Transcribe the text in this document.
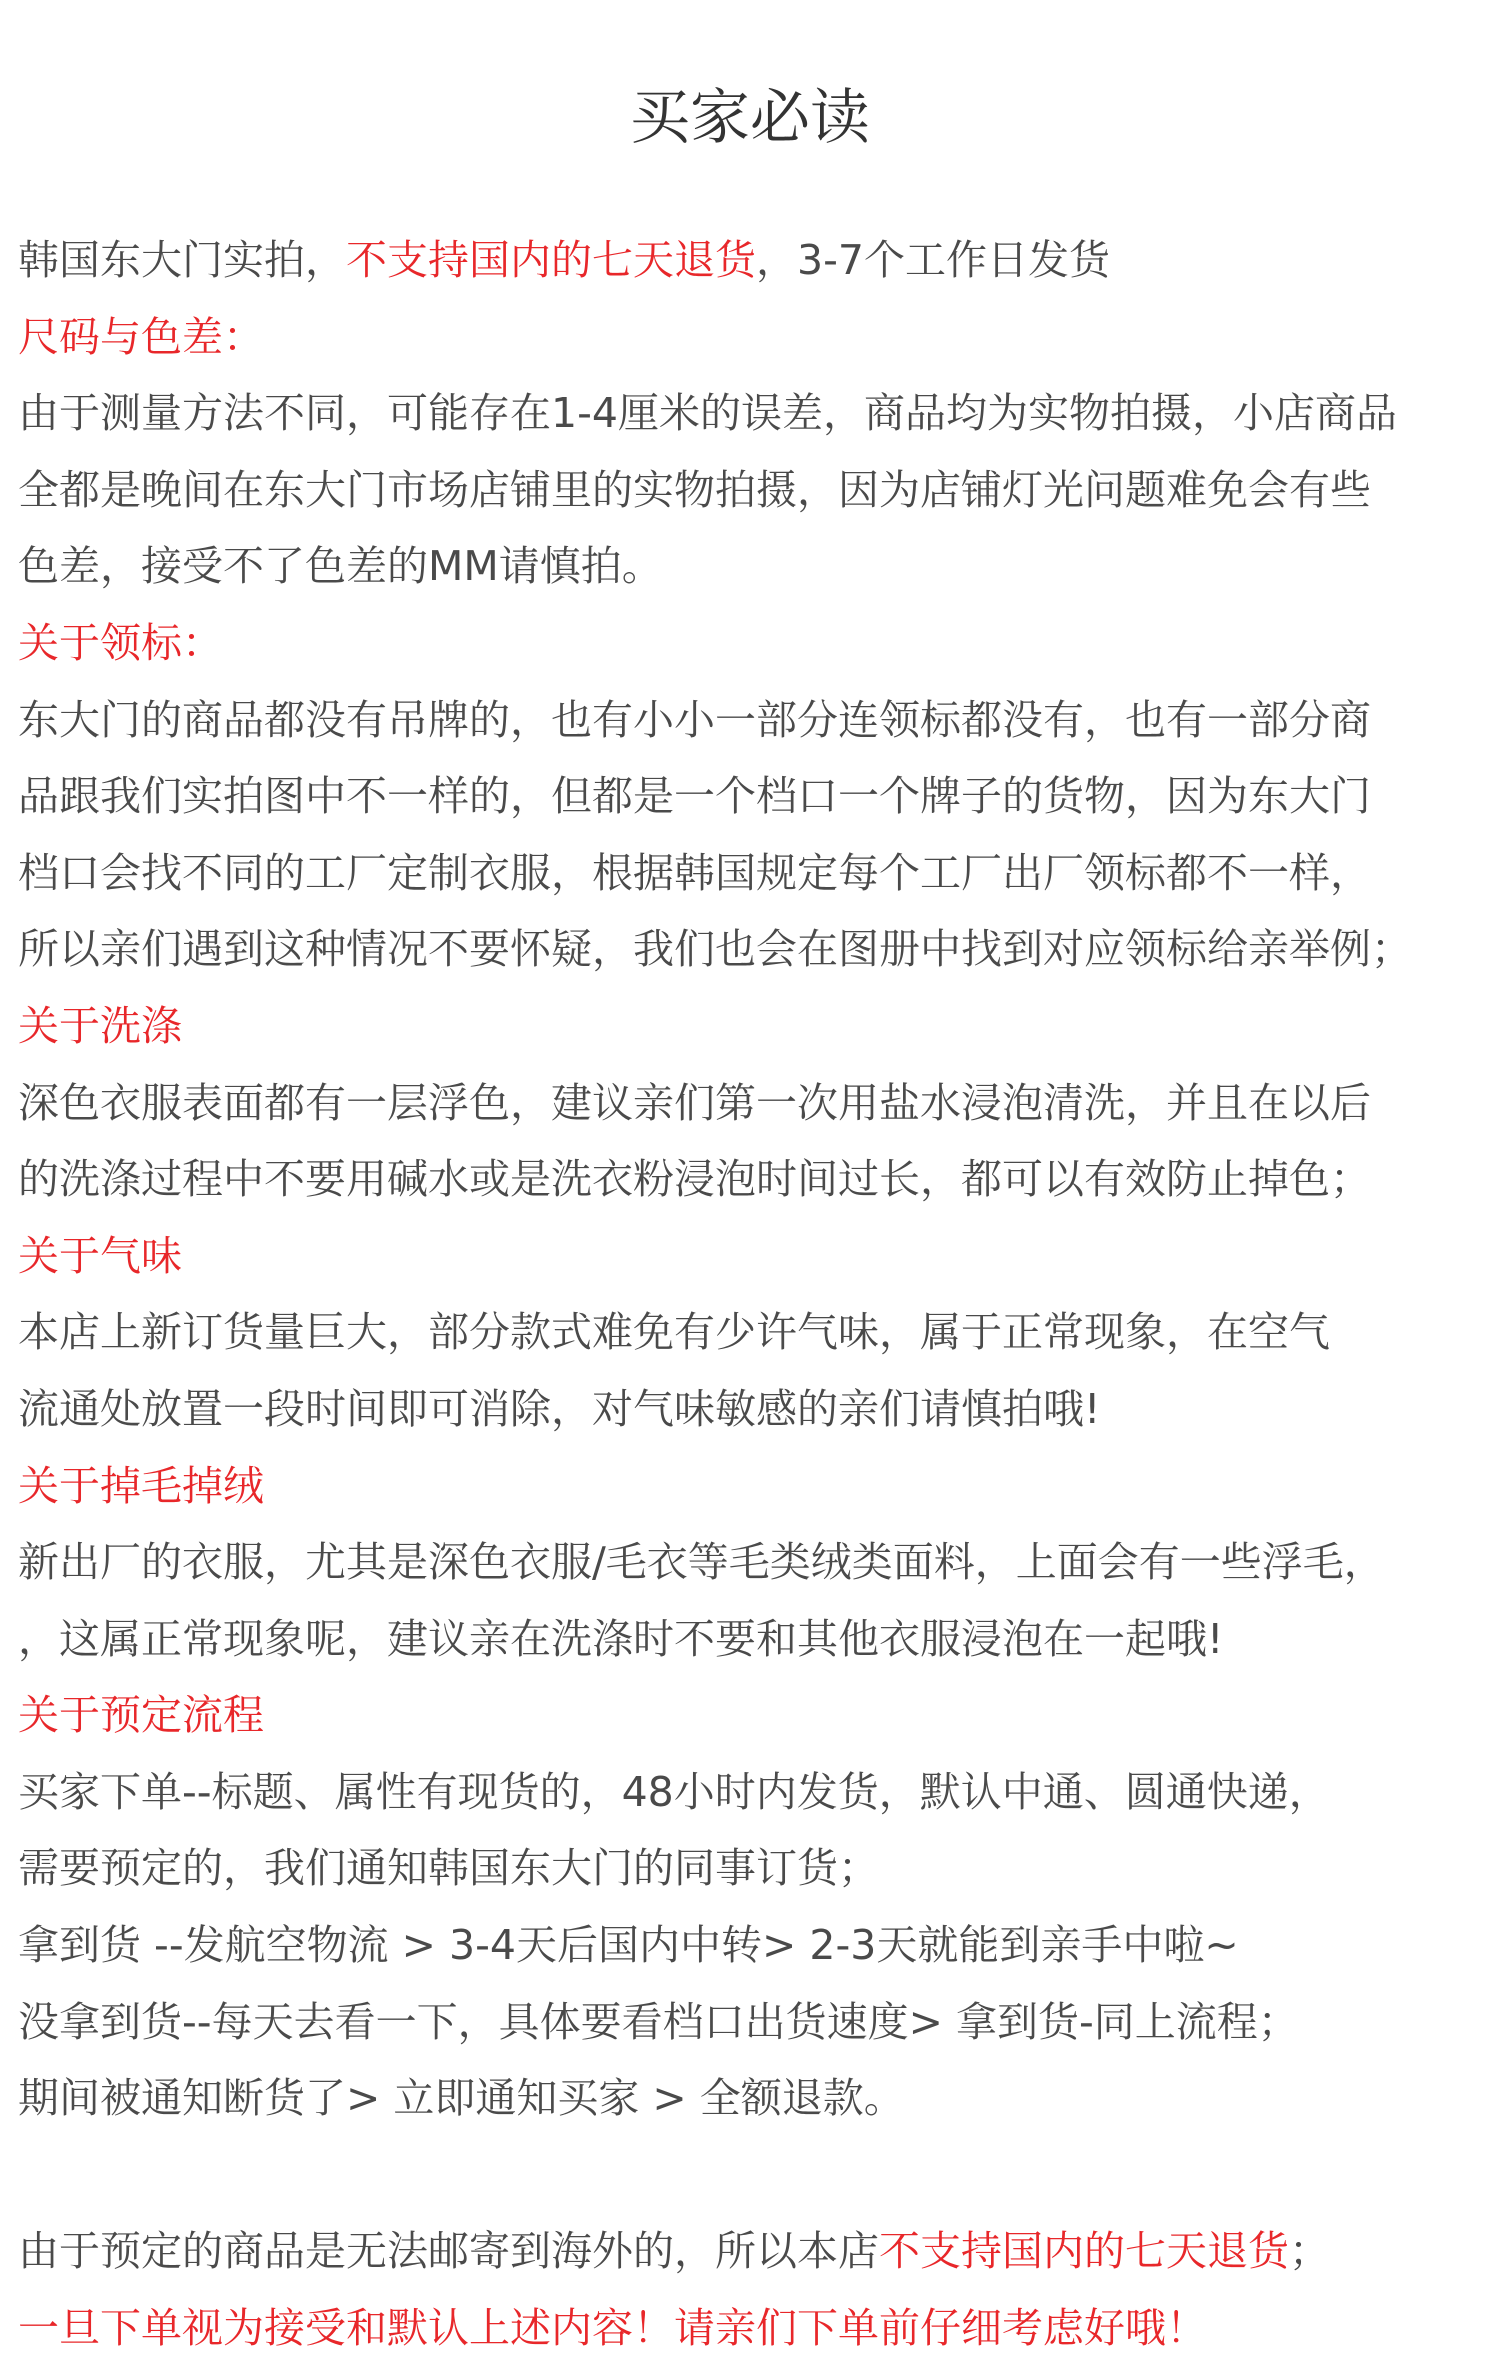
买家必读
韩国东大门实拍，不支持国内的七天退货，3-7个工作日发货
尺码与色差：
由于测量方法不同，可能存在1-4厘米的误差，商品均为实物拍摄，小店商品
全都是晚间在东大门市场店铺里的实物拍摄，因为店铺灯光问题难免会有些
色差，接受不了色差的MM请慎拍。
关于领标：
东大门的商品都没有吊牌的，也有小小一部分连领标都没有，也有一部分商
品跟我们实拍图中不一样的，但都是一个档口一个牌子的货物，因为东大门
档口会找不同的工厂定制衣服，根据韩国规定每个工厂出厂领标都不一样，
所以亲们遇到这种情况不要怀疑，我们也会在图册中找到对应领标给亲举例；
关于洗涤
深色衣服表面都有一层浮色，建议亲们第一次用盐水浸泡清洗，并且在以后
的洗涤过程中不要用碱水或是洗衣粉浸泡时间过长，都可以有效防止掉色；
关于气味
本店上新订货量巨大，部分款式难免有少许气味，属于正常现象，在空气
流通处放置一段时间即可消除，对气味敏感的亲们请慎拍哦!
关于掉毛掉绒
新出厂的衣服，尤其是深色衣服/毛衣等毛类绒类面料，上面会有一些浮毛，
，这属正常现象呢，建议亲在洗涤时不要和其他衣服浸泡在一起哦!
关于预定流程
买家下单--标题、属性有现货的，48小时内发货，默认中通、圆通快递，
需要预定的，我们通知韩国东大门的同事订货；
拿到货 --发航空物流 > 3-4天后国内中转> 2-3天就能到亲手中啦~
没拿到货--每天去看一下，具体要看档口出货速度> 拿到货-同上流程；
期间被通知断货了> 立即通知买家 > 全额退款。
由于预定的商品是无法邮寄到海外的，所以本店不支持国内的七天退货；
一旦下单视为接受和默认上述内容！请亲们下单前仔细考虑好哦！
